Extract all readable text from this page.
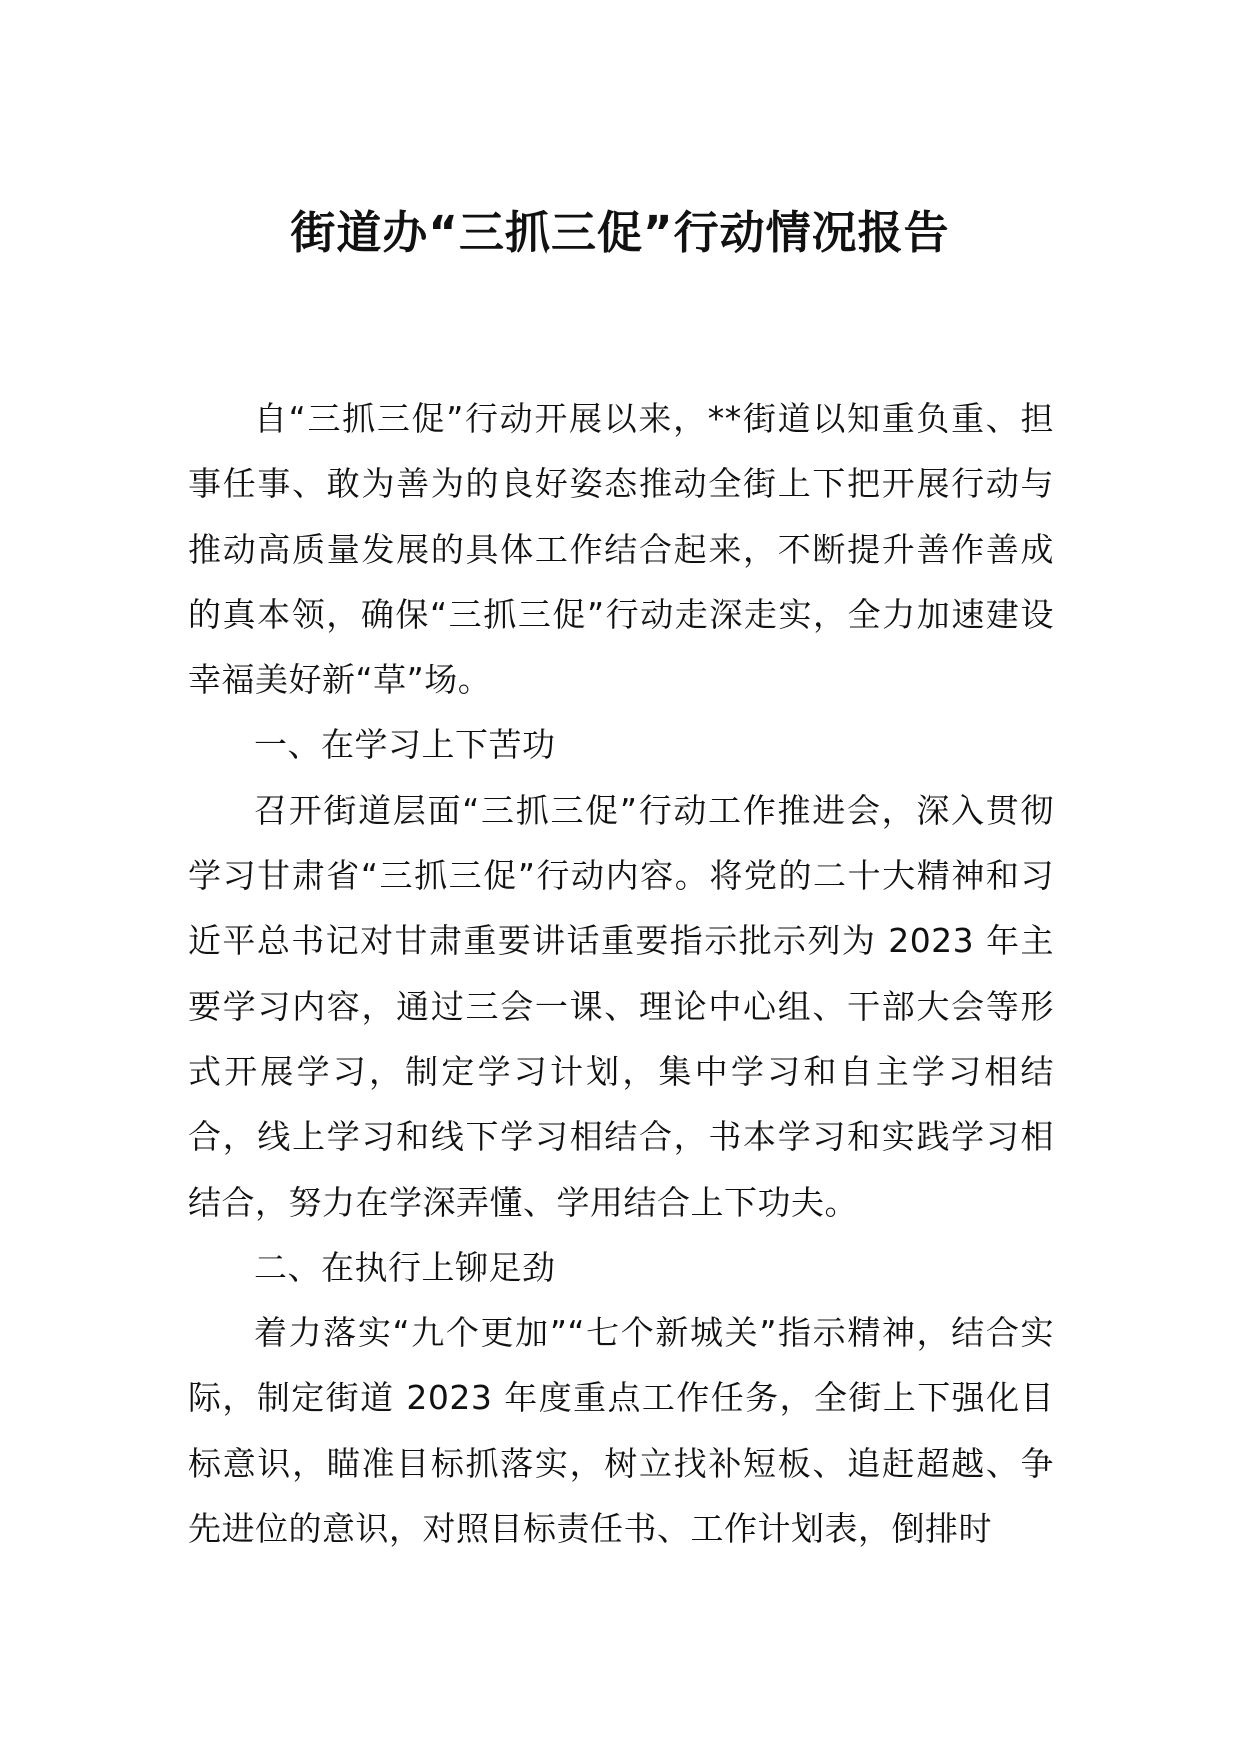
街道办“三抓三促”行动情况报告

自“三抓三促”行动开展以来，**街道以知重负重、担事任事、敢为善为的良好姿态推动全街上下把开展行动与推动高质量发展的具体工作结合起来，不断提升善作善成的真本领，确保“三抓三促”行动走深走实，全力加速建设幸福美好新“草”场。

一、在学习上下苦功

召开街道层面“三抓三促”行动工作推进会，深入贯彻学习甘肃省“三抓三促”行动内容。将党的二十大精神和习近平总书记对甘肃重要讲话重要指示批示列为 2023 年主要学习内容，通过三会一课、理论中心组、干部大会等形式开展学习，制定学习计划，集中学习和自主学习相结合，线上学习和线下学习相结合，书本学习和实践学习相结合，努力在学深弄懂、学用结合上下功夫。

二、在执行上铆足劲

着力落实“九个更加”“七个新城关”指示精神，结合实际，制定街道 2023 年度重点工作任务，全街上下强化目标意识，瞄准目标抓落实，树立找补短板、追赶超越、争先进位的意识，对照目标责任书、工作计划表，倒排时
